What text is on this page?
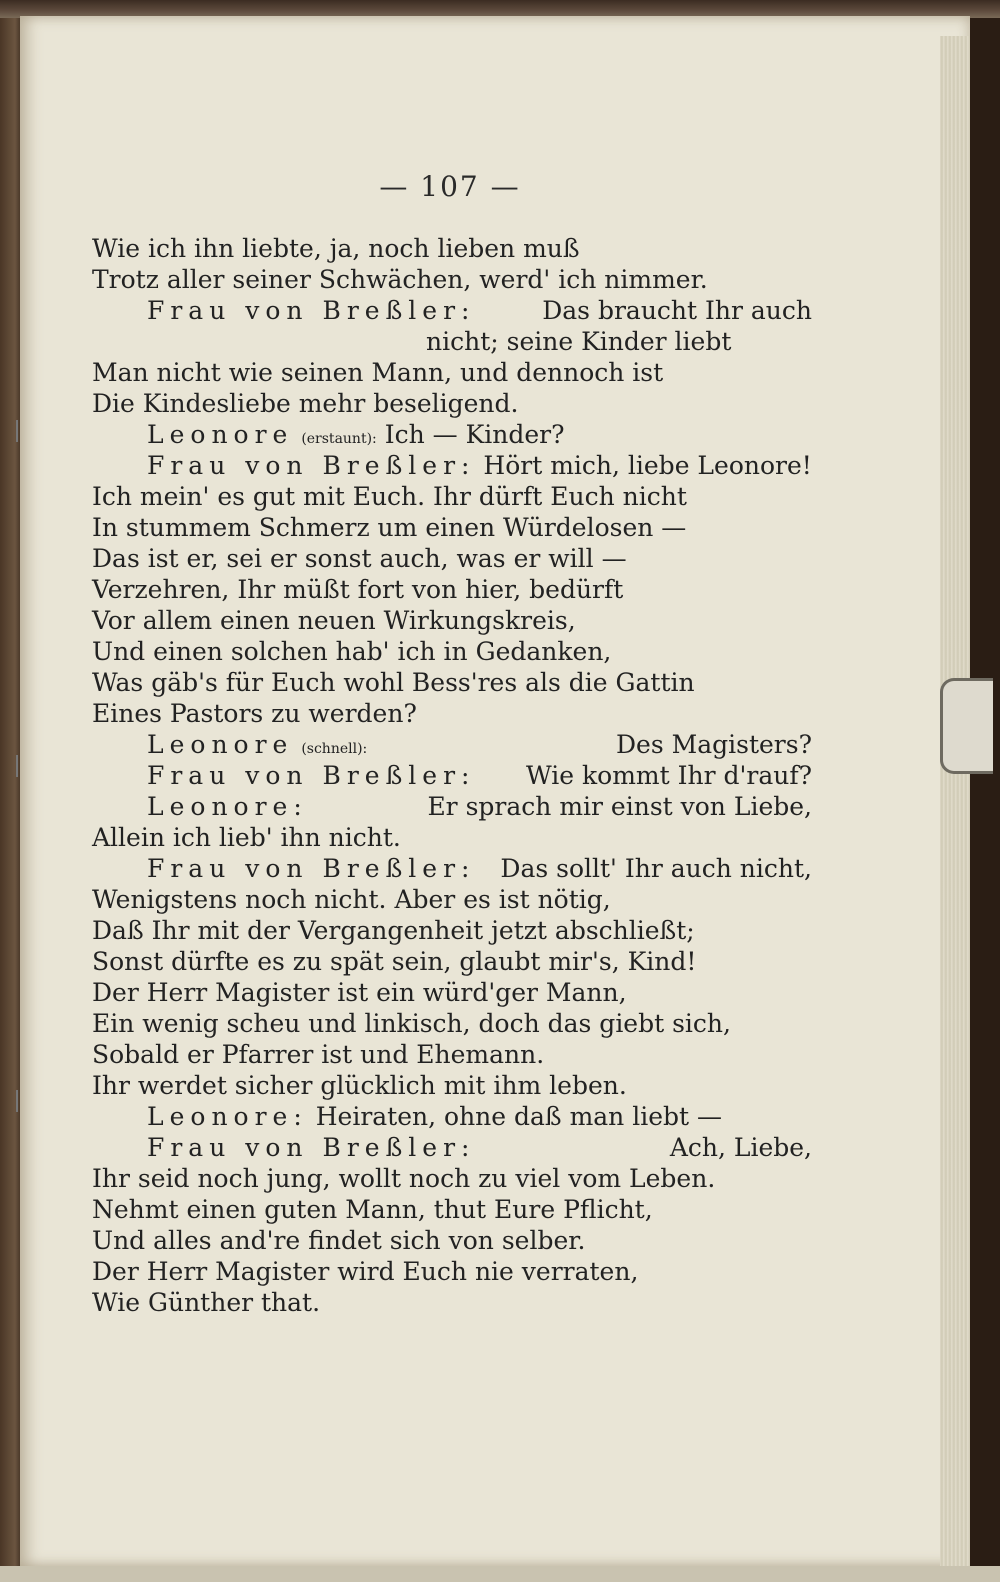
— 107 —
Wie ich ihn liebte, ja, noch lieben muß
Trotz aller seiner Schwächen, werd' ich nimmer.
Frau von Breßler:	Das braucht Ihr auch
nicht; seine Kinder liebt
Man nicht wie seinen Mann, und dennoch ist
Die Kindesliebe mehr beseligend.
Leonore (erstaunt): Ich — Kinder?
Frau von Breßler: Hört mich, liebe Leonore!
Ich mein' es gut mit Euch. Ihr dürft Euch nicht
In stummem Schmerz um einen Würdelosen —
Das ist er, sei er sonst auch, was er will —
Verzehren, Ihr müßt fort von hier, bedürft
Vor allem einen neuen Wirkungskreis,
Und einen solchen hab' ich in Gedanken,
Was gäb's für Euch wohl Bess'res als die Gattin
Eines Pastors zu werden?
Leonore (schnell):	Des Magisters?
Frau von Breßler: Wie kommt Ihr d'rauf?
Leonore:	Er sprach mir einst von Liebe,
Allein ich lieb' ihn nicht.
Frau von Breßler: Das sollt' Ihr auch nicht,
Wenigstens noch nicht. Aber es ist nötig,
Daß Ihr mit der Vergangenheit jetzt abschließt;
Sonst dürfte es zu spät sein, glaubt mir's, Kind!
Der Herr Magister ist ein würd'ger Mann,
Ein wenig scheu und linkisch, doch das giebt sich,
Sobald er Pfarrer ist und Ehemann.
Ihr werdet sicher glücklich mit ihm leben.
Leonore: Heiraten, ohne daß man liebt —
Frau von Breßler:	Ach, Liebe,
Ihr seid noch jung, wollt noch zu viel vom Leben.
Nehmt einen guten Mann, thut Eure Pflicht,
Und alles and're findet sich von selber.
Der Herr Magister wird Euch nie verraten,
Wie Günther that.
